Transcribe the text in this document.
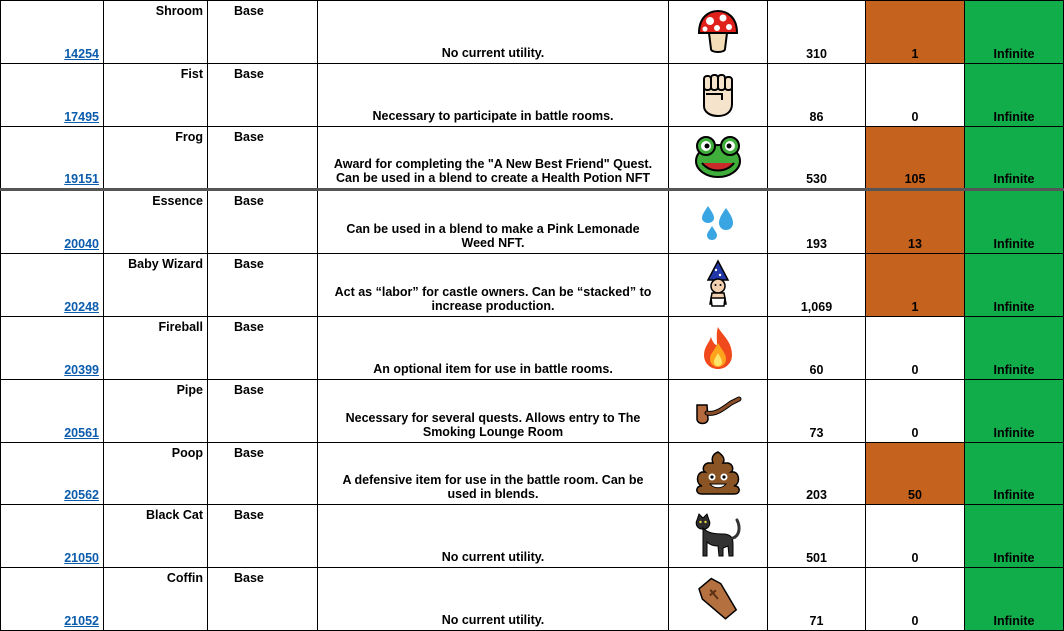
14254	Shroom	Base	No current utility.		310	1	Infinite
17495	Fist	Base	Necessary to participate in battle rooms.		86	0	Infinite
19151	Frog	Base	Award for completing the "A New Best Friend" Quest. Can be used in a blend to create a Health Potion NFT		530	105	Infinite
20040	Essence	Base	Can be used in a blend to make a Pink Lemonade Weed NFT.		193	13	Infinite
20248	Baby Wizard	Base	Act as “labor” for castle owners. Can be “stacked” to increase production.		1,069	1	Infinite
20399	Fireball	Base	An optional item for use in battle rooms.		60	0	Infinite
20561	Pipe	Base	Necessary for several quests. Allows entry to The Smoking Lounge Room		73	0	Infinite
20562	Poop	Base	A defensive item for use in the battle room. Can be used in blends.		203	50	Infinite
21050	Black Cat	Base	No current utility.		501	0	Infinite
21052	Coffin	Base	No current utility.		71	0	Infinite
